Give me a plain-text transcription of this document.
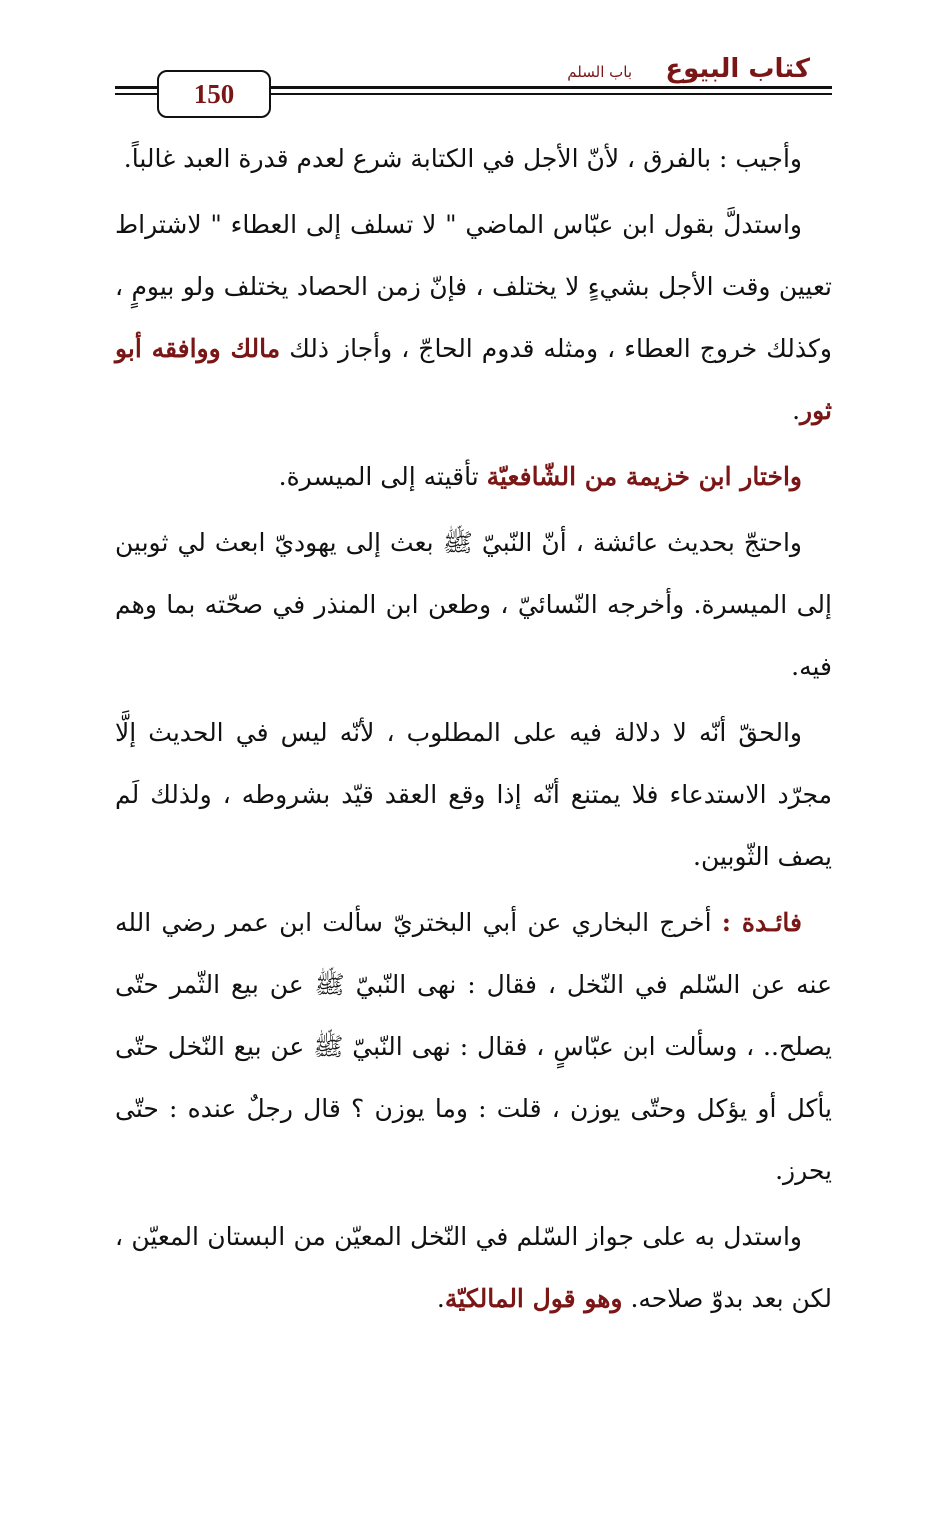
كتاب البيوع
باب السلم
150

وأجيب : بالفرق ، لأنّ الأجل في الكتابة شرع لعدم قدرة العبد غالباً.

واستدلَّ بقول ابن عبّاس الماضي " لا تسلف إلى العطاء " لاشتراط تعيين وقت الأجل بشيءٍ لا يختلف ، فإنّ زمن الحصاد يختلف ولو بيومٍ ، وكذلك خروج العطاء ، ومثله قدوم الحاجّ ، وأجاز ذلك مالك ووافقه أبو ثور.

واختار ابن خزيمة من الشّافعيّة تأقيته إلى الميسرة.

واحتجّ بحديث عائشة ، أنّ النّبيّ ﷺ بعث إلى يهوديّ ابعث لي ثوبين إلى الميسرة. وأخرجه النّسائيّ ، وطعن ابن المنذر في صحّته بما وهم فيه.

والحقّ أنّه لا دلالة فيه على المطلوب ، لأنّه ليس في الحديث إلَّا مجرّد الاستدعاء فلا يمتنع أنّه إذا وقع العقد قيّد بشروطه ، ولذلك لَم يصف الثّوبين.

فائـدة : أخرج البخاري عن أبي البختريّ سألت ابن عمر رضي الله عنه عن السّلم في النّخل ، فقال : نهى النّبيّ ﷺ عن بيع الثّمر حتّى يصلح.. ، وسألت ابن عبّاسٍ ، فقال : نهى النّبيّ ﷺ عن بيع النّخل حتّى يأكل أو يؤكل وحتّى يوزن ، قلت : وما يوزن ؟ قال رجلٌ عنده : حتّى يحرز.

واستدل به على جواز السّلم في النّخل المعيّن من البستان المعيّن ، لكن بعد بدوّ صلاحه. وهو قول المالكيّة.
